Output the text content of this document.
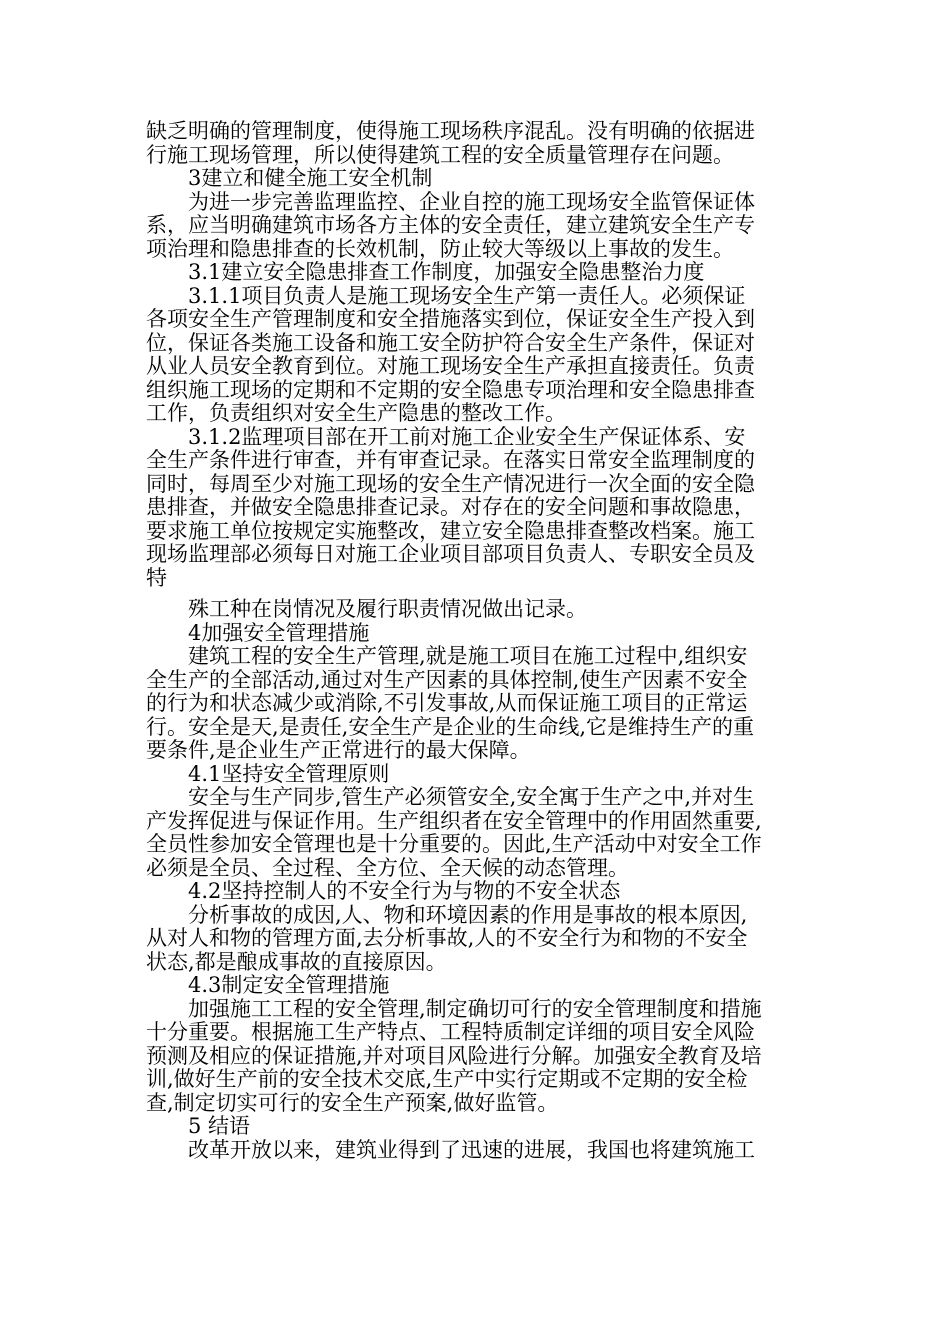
缺乏明确的管理制度，使得施工现场秩序混乱。没有明确的依据进
行施工现场管理，所以使得建筑工程的安全质量管理存在问题。
3建立和健全施工安全机制
为进一步完善监理监控、企业自控的施工现场安全监管保证体
系，应当明确建筑市场各方主体的安全责任，建立建筑安全生产专
项治理和隐患排查的长效机制，防止较大等级以上事故的发生。
3.1建立安全隐患排查工作制度，加强安全隐患整治力度
3.1.1项目负责人是施工现场安全生产第一责任人。必须保证
各项安全生产管理制度和安全措施落实到位，保证安全生产投入到
位，保证各类施工设备和施工安全防护符合安全生产条件，保证对
从业人员安全教育到位。对施工现场安全生产承担直接责任。负责
组织施工现场的定期和不定期的安全隐患专项治理和安全隐患排查
工作，负责组织对安全生产隐患的整改工作。
3.1.2监理项目部在开工前对施工企业安全生产保证体系、安
全生产条件进行审查，并有审查记录。在落实日常安全监理制度的
同时，每周至少对施工现场的安全生产情况进行一次全面的安全隐
患排查，并做安全隐患排查记录。对存在的安全问题和事故隐患，
要求施工单位按规定实施整改，建立安全隐患排查整改档案。施工
现场监理部必须每日对施工企业项目部项目负责人、专职安全员及
特
殊工种在岗情况及履行职责情况做出记录。
4加强安全管理措施
建筑工程的安全生产管理,就是施工项目在施工过程中,组织安
全生产的全部活动,通过对生产因素的具体控制,使生产因素不安全
的行为和状态减少或消除,不引发事故,从而保证施工项目的正常运
行。安全是天,是责任,安全生产是企业的生命线,它是维持生产的重
要条件,是企业生产正常进行的最大保障。
4.1坚持安全管理原则
安全与生产同步,管生产必须管安全,安全寓于生产之中,并对生
产发挥促进与保证作用。生产组织者在安全管理中的作用固然重要,
全员性参加安全管理也是十分重要的。因此,生产活动中对安全工作
必须是全员、全过程、全方位、全天候的动态管理。
4.2坚持控制人的不安全行为与物的不安全状态
分析事故的成因,人、物和环境因素的作用是事故的根本原因,
从对人和物的管理方面,去分析事故,人的不安全行为和物的不安全
状态,都是酿成事故的直接原因。
4.3制定安全管理措施
加强施工工程的安全管理,制定确切可行的安全管理制度和措施
十分重要。根据施工生产特点、工程特质制定详细的项目安全风险
预测及相应的保证措施,并对项目风险进行分解。加强安全教育及培
训,做好生产前的安全技术交底,生产中实行定期或不定期的安全检
查,制定切实可行的安全生产预案,做好监管。
5 结语
改革开放以来，建筑业得到了迅速的进展，我国也将建筑施工
